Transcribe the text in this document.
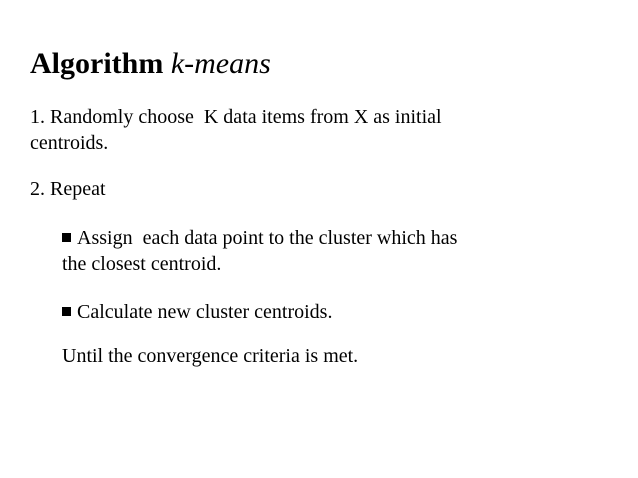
Algorithm k-means
1. Randomly choose  K data items from X as initial
centroids.
2. Repeat
Assign  each data point to the cluster which has
the closest centroid.
Calculate new cluster centroids.
Until the convergence criteria is met.
